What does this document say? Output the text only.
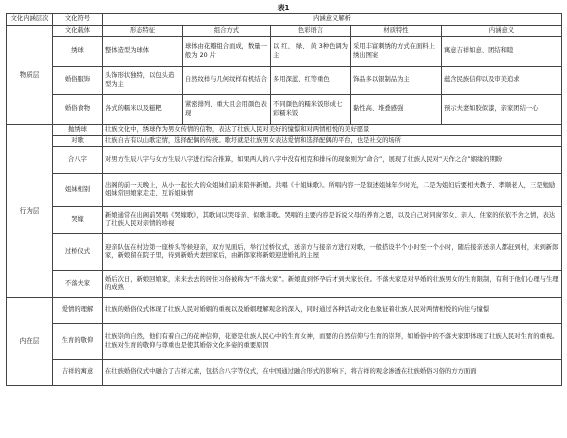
表1
文化内涵层次	文化符号	内涵意义解析				
物质层	文化载体	形态特征	组合方式	色彩语言	材质特性	内涵意义
	绣球	整体造型为球体	球体由花瓣组合而成，数量一般为 20 片	以 红、 绿、 黄 3种色调为主	采用丰富刺绣的方式在面料上绣出图案	寓意吉祥如意、团结和睦
	婚俗服饰	头饰形状独特，以包头造型为主	自然纹样与几何纹样有机结合	多用深蓝、红等重色	饰品多以银制品为主	蕴含民族信仰以及审美追求
	婚俗食物	各式的糯米以及糍粑	紧密排列、重大且会用颜色表现	不同颜色的糯米饭形成七彩糯米饭	黏性高、堆叠感强	预示夫妻如胶似漆，亲家团结一心
行为层	抛绣球	壮族文化中，绣球作为男女传情的信物，表达了壮族人民对美好的憧憬和对两情相悦的美好愿景				
	对歌	壮族自古有以山歌定情，选择配偶的传统。歌圩就是壮族男女表达爱情和选择配偶的平台，也是社交的场所				
	合八字	对男方生辰八字与女方生辰八字进行综合推算，如果两人的八字中没有相克和排斥的现象则为“命合”，展现了壮族人民对“天作之合”姻缘的期盼				
	姐妹相别	出阁的前一天晚上，从小一起长大的众姐妹们前来陪伴新娘。共唱《十姐妹歌》。所唱内容一是叙述姐妹年少时光，二是为姐妇后要相夫教子、孝顺老人，三是勉励姐妹常回娘家走走、互诉姐妹情				
	哭嫁	新娘通常在出阁前哭唱《哭嫁歌》，其歌词以哭母亲、似歌非歌。哭唱的主要内容是诉说父母的养育之恩，以及自己对同窗邻女、亲人、住家的依依不舍之情，表达了壮族人民对亲情的珍视				
	过桥仪式	迎亲队伍在村边第一座桥头等候迎亲，双方见面后，举行过桥仪式，送亲方与接亲方进行对歌，一般搭设半个小时至一个小时，随后接亲送亲人都赶到村，来到新郎家，新娘留在院子里，待到新婚夫妻回家后，由新郎家将新娘迎进婚礼的主屋				
	不落夫家	婚后次日，新娘回娘家，来来去去的居住习俗被称为“不落夫家”。新娘直到怀孕后才到夫家长住。不落夫家是对早婚的壮族男女的生育限制，有利于他们心理与生理的成熟				
内在层	爱情的理解	壮族的婚俗仪式体现了壮族人民对婚姻的重视以及婚姻理解观念的深入，同时通过各种活动文化也象征着壮族人民对两情相悦的向往与憧憬				
	生育的敬仰	壮族崇尚自然，他们有着自己的花神信仰，花婆是壮族人民心中的生育女神，而要的自然信仰与生育的崇拜，如婚俗中的不落夫家即体现了壮族人民对生育的重视。壮族对生育的敬仰与尊重也是使其婚俗文化多姿的重要原因				
	吉祥的寓意	在壮族婚俗仪式中融合了吉祥元素，包括合八字等仪式，在中国通过融合形式的影响下，将吉祥的观念渗透在壮族婚俗习俗的方方面面				
